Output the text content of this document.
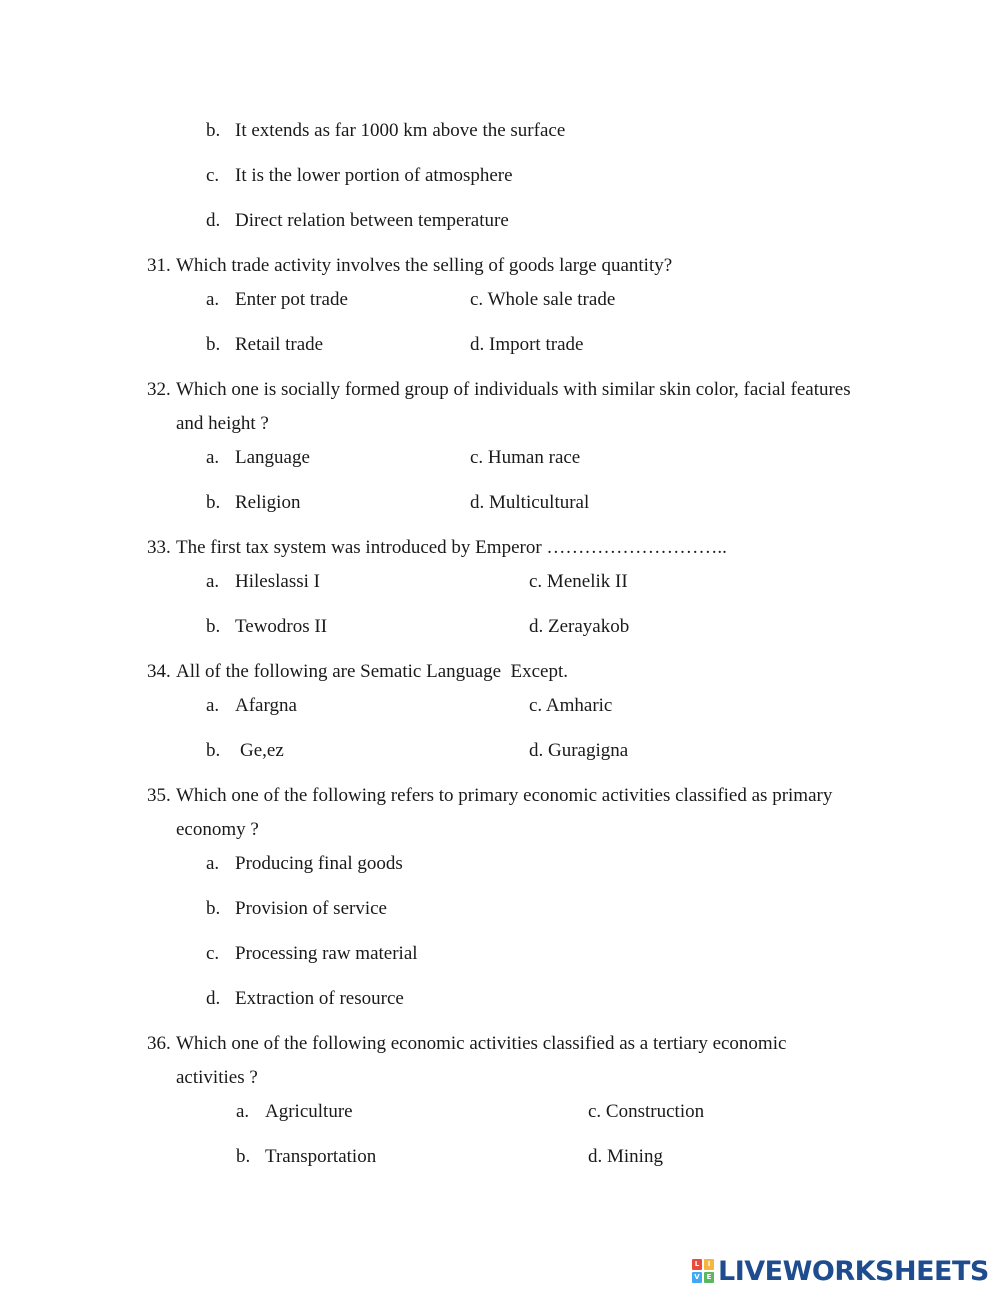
b. It extends as far 1000 km above the surface
c. It is the lower portion of atmosphere
d. Direct relation between temperature
31. Which trade activity involves the selling of goods large quantity?
a. Enter pot trade	c. Whole sale trade
b. Retail trade	d. Import trade
32. Which one is socially formed group of individuals with similar skin color, facial features
and height ?
a. Language	c. Human race
b. Religion	d. Multicultural
33. The first tax system was introduced by Emperor ………………………..
a. Hileslassi I	c. Menelik II
b. Tewodros II	d. Zerayakob
34. All of the following are Sematic Language  Except.
a. Afargna	c. Amharic
b. Ge,ez	d. Guragigna
35. Which one of the following refers to primary economic activities classified as primary
economy ?
a. Producing final goods
b. Provision of service
c. Processing raw material
d. Extraction of resource
36. Which one of the following economic activities classified as a tertiary economic
activities ?
a. Agriculture	c. Construction
b. Transportation	d. Mining
L	I
V E LIVEWORKSHEETS
